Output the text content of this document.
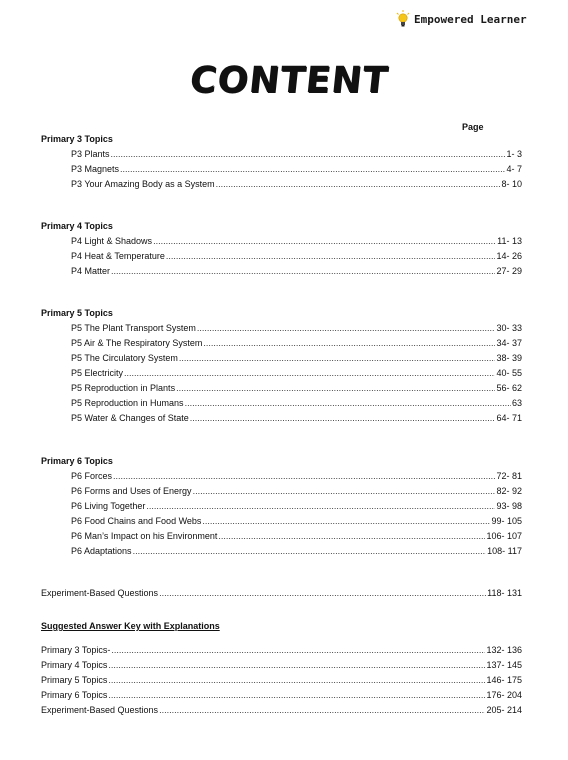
Empowered Learner
CONTENT
Page
Primary 3 Topics
P3 Plants .....	1- 3
P3 Magnets .....	4- 7
P3 Your Amazing Body as a System .....	8- 10
Primary 4 Topics
P4 Light & Shadows .....	11- 13
P4 Heat & Temperature .....	14- 26
P4 Matter .....	27- 29
Primary 5 Topics
P5 The Plant Transport System .....	30- 33
P5 Air & The Respiratory System .....	34- 37
P5 The Circulatory System .....	38- 39
P5 Electricity .....	40- 55
P5 Reproduction in Plants .....	56- 62
P5 Reproduction in Humans .....	63
P5 Water & Changes of State .....	64- 71
Primary 6 Topics
P6 Forces .....	72- 81
P6 Forms and Uses of Energy .....	82- 92
P6 Living Together .....	93- 98
P6 Food Chains and Food Webs .....	99- 105
P6 Man’s Impact on his Environment .....	106- 107
P6 Adaptations .....	108- 117
Experiment-Based Questions .....	118- 131
Suggested Answer Key with Explanations
Primary 3 Topics- .....	132- 136
Primary 4 Topics .....	137- 145
Primary 5 Topics .....	146- 175
Primary 6 Topics .....	176- 204
Experiment-Based Questions .....	205- 214
